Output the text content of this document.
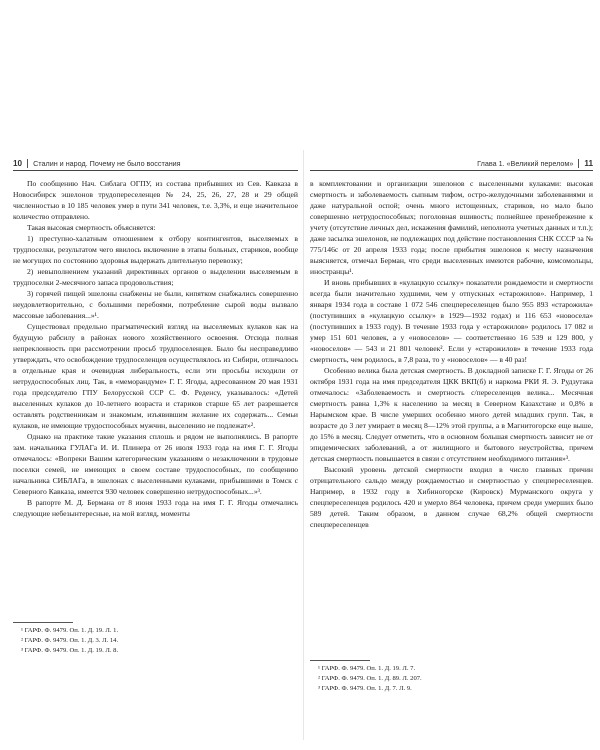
10 Сталин и народ. Почему не было восстания

По сообщению Нач. Сиблага ОГПУ, из состава прибывших из Сев. Кавказа в Новосибирск эшелонов трудопереселенцев № 24, 25, 26, 27, 28 и 29 общей численностью в 10 185 человек умер в пути 341 человек, т.е. 3,3%, и еще значительное количество отправлено.

Такая высокая смертность объясняется:

1) преступно-халатным отношением к отбору контингентов, выселяемых в трудпоселки, результатом чего явилось включение в этапы больных, стариков, вообще не могущих по состоянию здоровья выдержать длительную перевозку;

2) невыполнением указаний директивных органов о выделении выселяемым в трудпоселки 2-месячного запаса продовольствия;

3) горячей пищей эшелоны снабжены не были, кипятком снабжались совершенно неудовлетворительно, с большими перебоями, потребление сырой воды вызвало массовые заболевания...»¹.

Существовал предельно прагматический взгляд на выселяемых кулаков как на будущую рабсилу в районах нового хозяйственного освоения. Отсюда полная непреклонность при рассмотрении просьб трудпоселенцев. Было бы несправедливо утверждать, что освобождение трудпоселенцев осуществлялось из Сибири, отличалось в отдельные края и очевидная либеральность, если эти просьбы исходили от нетрудоспособных лиц. Так, в «меморандуме» Г. Г. Ягоды, адресованном 20 мая 1931 года председателю ГПУ Белорусской ССР С. Ф. Реденсу, указывалось: «Детей выселенных кулаков до 10-летнего возраста и стариков старше 65 лет разрешается оставлять родственникам и знакомым, изъявившим желание их содержать... Семьи кулаков, не имеющие трудоспособных мужчин, выселению не подлежат»².

Однако на практике такие указания сплошь и рядом не выполнялись. В рапорте зам. начальника ГУЛАГа И. И. Плинера от 26 июля 1933 года на имя Г. Г. Ягоды отмечалось: «Вопреки Вашим категорическим указаниям о незаключении в трудовые поселки семей, не имеющих в своем составе трудоспособных, по сообщению начальника СИБЛАГа, в эшелонах с выселенными кулаками, прибывшими в Томск с Северного Кавказа, имеется 930 человек совершенно нетрудоспособных...»³.

В рапорте М. Д. Бермана от 8 июня 1933 года на имя Г. Г. Ягоды отмечались следующие небезынтересные, на мой взгляд, моменты

¹ ГАРФ. Ф. 9479. Оп. 1. Д. 19. Л. 1.
² ГАРФ. Ф. 9479. Оп. 1. Д. 3. Л. 14.
³ ГАРФ. Ф. 9479. Оп. 1. Д. 19. Л. 8.
Глава 1. «Великий перелом» 11

в комплектовании и организации эшелонов с выселенными кулаками: высокая смертность и заболеваемость сыпным тифом, остро-желудочными заболеваниями и даже натуральной оспой; очень много истощенных, стариков, но мало было совершенно нетрудоспособных; поголовная вшивость; полнейшее пренебрежение к учету (отсутствие личных дел, искажения фамилий, неполнота учетных данных и т.п.); даже засылка эшелонов, не подлежащих под действие постановления СНК СССР за № 775/146с от 20 апреля 1933 года; после прибытия эшелонов к месту назначения выясняется, отмечал Берман, что среди выселенных имеются рабочие, комсомольцы, иностранцы¹.

И вновь прибывших в «кулацкую ссылку» показатели рождаемости и смертности всегда были значительно худшими, чем у отпускных «старожилов». Например, 1 января 1934 года в составе 1 072 546 спецпереселенцев было 955 893 «старожила» (поступивших в «кулацкую ссылку» в 1929—1932 годах) и 116 653 «новосела» (поступивших в 1933 году). В течение 1933 года у «старожилов» родилось 17 082 и умер 151 601 человек, а у «новоселов» — соответственно 16 539 и 129 800, у «новоселов» — 543 и 21 801 человек². Если у «старожилов» в течение 1933 года смертность, чем родилось, в 7,8 раза, то у «новоселов» — в 40 раз!

Особенно велика была детская смертность. В докладной записке Г. Г. Ягоды от 26 октября 1931 года на имя председателя ЦКК ВКП(б) и наркома РКИ Я. Э. Рудзутака отмечалось: «Заболеваемость и смертность с/переселенцев велика... Месячная смертность равна 1,3% к населению за месяц в Северном Казахстане и 0,8% в Нарымском крае. В числе умерших особенно много детей младших групп. Так, в возрасте до 3 лет умирает в месяц 8—12% этой группы, а в Магнитогорске еще выше, до 15% в месяц. Следует отметить, что в основном большая смертность зависит не от эпидемических заболеваний, а от жилищного и бытового неустройства, причем детская смертность повышается в связи с отсутствием необходимого питания»³.

Высокий уровень детской смертности входил в число главных причин отрицательного сальдо между рождаемостью и смертностью у спецпереселенцев. Например, в 1932 году в Хибиногорске (Кировск) Мурманского округа у спецпереселенцев родилось 420 и умерло 864 человека, причем среди умерших было 589 детей. Таким образом, в данном случае 68,2% общей смертности спецпереселенцев

¹ ГАРФ. Ф. 9479. Оп. 1. Д. 19. Л. 7.
² ГАРФ. Ф. 9479. Оп. 1. Д. 89. Л. 207.
³ ГАРФ. Ф. 9479. Оп. 1. Д. 7. Л. 9.
